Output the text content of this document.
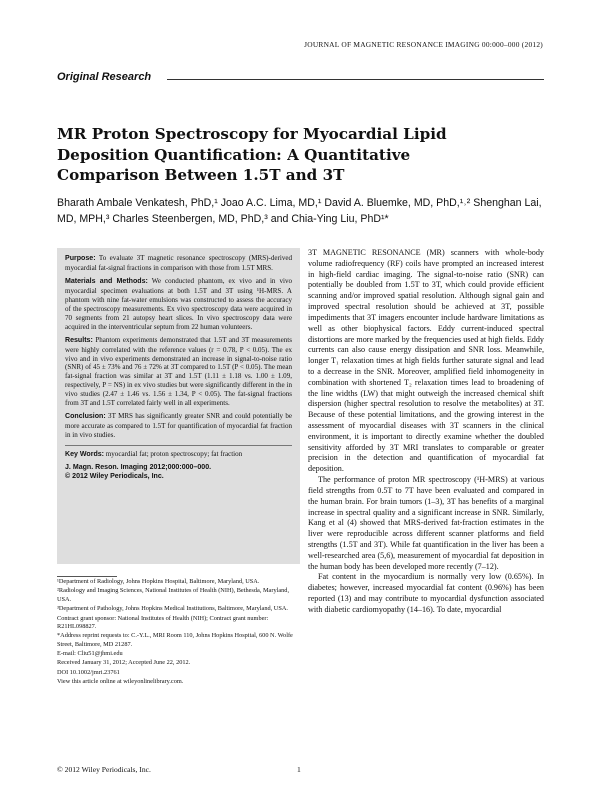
JOURNAL OF MAGNETIC RESONANCE IMAGING 00:000–000 (2012)
Original Research
MR Proton Spectroscopy for Myocardial Lipid Deposition Quantification: A Quantitative Comparison Between 1.5T and 3T
Bharath Ambale Venkatesh, PhD,¹ Joao A.C. Lima, MD,¹ David A. Bluemke, MD, PhD,¹˒² Shenghan Lai, MD, MPH,³ Charles Steenbergen, MD, PhD,³ and Chia-Ying Liu, PhD¹*

Purpose: To evaluate 3T magnetic resonance spectroscopy (MRS)-derived myocardial fat-signal fractions in comparison with those from 1.5T MRS.

Materials and Methods: We conducted phantom, ex vivo and in vivo myocardial specimen evaluations at both 1.5T and 3T using ¹H-MRS. A phantom with nine fat-water emulsions was constructed to assess the accuracy of the spectroscopy measurements. Ex vivo spectroscopy data were acquired in 70 segments from 21 autopsy heart slices. In vivo spectroscopy data were acquired in the interventricular septum from 22 human volunteers.

Results: Phantom experiments demonstrated that 1.5T and 3T measurements were highly correlated with the reference values (r = 0.78, P < 0.05). The ex vivo and in vivo experiments demonstrated an increase in signal-to-noise ratio (SNR) of 45 ± 73% and 76 ± 72% at 3T compared to 1.5T (P < 0.05). The mean fat-signal fraction was similar at 3T and 1.5T (1.11 ± 1.18 vs. 1.00 ± 1.09, respectively, P = NS) in ex vivo studies but were significantly different in the in vivo studies (2.47 ± 1.46 vs. 1.56 ± 1.34, P < 0.05). The fat-signal fractions from 3T and 1.5T correlated fairly well in all experiments.

Conclusion: 3T MRS has significantly greater SNR and could potentially be more accurate as compared to 1.5T for quantification of myocardial fat fraction in in vivo studies.

Key Words: myocardial fat; proton spectroscopy; fat fraction

J. Magn. Reson. Imaging 2012;000:000–000.

© 2012 Wiley Periodicals, Inc.

¹Department of Radiology, Johns Hopkins Hospital, Baltimore, Maryland, USA.

²Radiology and Imaging Sciences, National Institutes of Health (NIH), Bethesda, Maryland, USA.

³Department of Pathology, Johns Hopkins Medical Institutions, Baltimore, Maryland, USA.

Contract grant sponsor: National Institutes of Health (NIH); Contract grant number: R21HL098827.

*Address reprint requests to: C.-Y.L., MRI Room 110, Johns Hopkins Hospital, 600 N. Wolfe Street, Baltimore, MD 21287.

E-mail: Cliu51@jhmi.edu

Received January 31, 2012; Accepted June 22, 2012.

DOI 10.1002/jmri.23761

View this article online at wileyonlinelibrary.com.

3T MAGNETIC RESONANCE (MR) scanners with whole-body volume radiofrequency (RF) coils have prompted an increased interest in high-field cardiac imaging. The signal-to-noise ratio (SNR) can potentially be doubled from 1.5T to 3T, which could provide efficient scanning and/or improved spatial resolution. Although signal gain and improved spectral resolution should be achieved at 3T, possible impediments that 3T imagers encounter include hardware limitations as well as other biophysical factors. Eddy current-induced spectral distortions are more marked by the frequencies used at high fields. Eddy currents can also cause energy dissipation and SNR loss. Meanwhile, longer T₁ relaxation times at high fields further saturate signal and lead to a decrease in the SNR. Moreover, amplified field inhomogeneity in combination with shortened T₂ relaxation times lead to broadening of the line widths (LW) that might outweigh the increased chemical shift dispersion (higher spectral resolution to resolve the metabolites) at 3T. Because of these potential limitations, and the growing interest in the assessment of myocardial diseases with 3T scanners in the clinical environment, it is important to directly examine whether the doubled sensitivity afforded by 3T MRI translates to comparable or greater precision in the detection and quantification of myocardial fat deposition.

The performance of proton MR spectroscopy (¹H-MRS) at various field strengths from 0.5T to 7T have been evaluated and compared in the human brain. For brain tumors (1–3), 3T has benefits of a marginal increase in spectral quality and a significant increase in SNR. Similarly, Kang et al (4) showed that MRS-derived fat-fraction estimates in the liver were reproducible across different scanner platforms and field strengths (1.5T and 3T). While fat quantification in the liver has been a well-researched area (5,6), measurement of myocardial fat deposition in the human body has been developed more recently (7–12).

Fat content in the myocardium is normally very low (0.65%). In diabetes; however, increased myocardial fat content (0.96%) has been reported (13) and may contribute to myocardial dysfunction associated with diabetic cardiomyopathy (14–16). To date, myocardial

© 2012 Wiley Periodicals, Inc.	1
